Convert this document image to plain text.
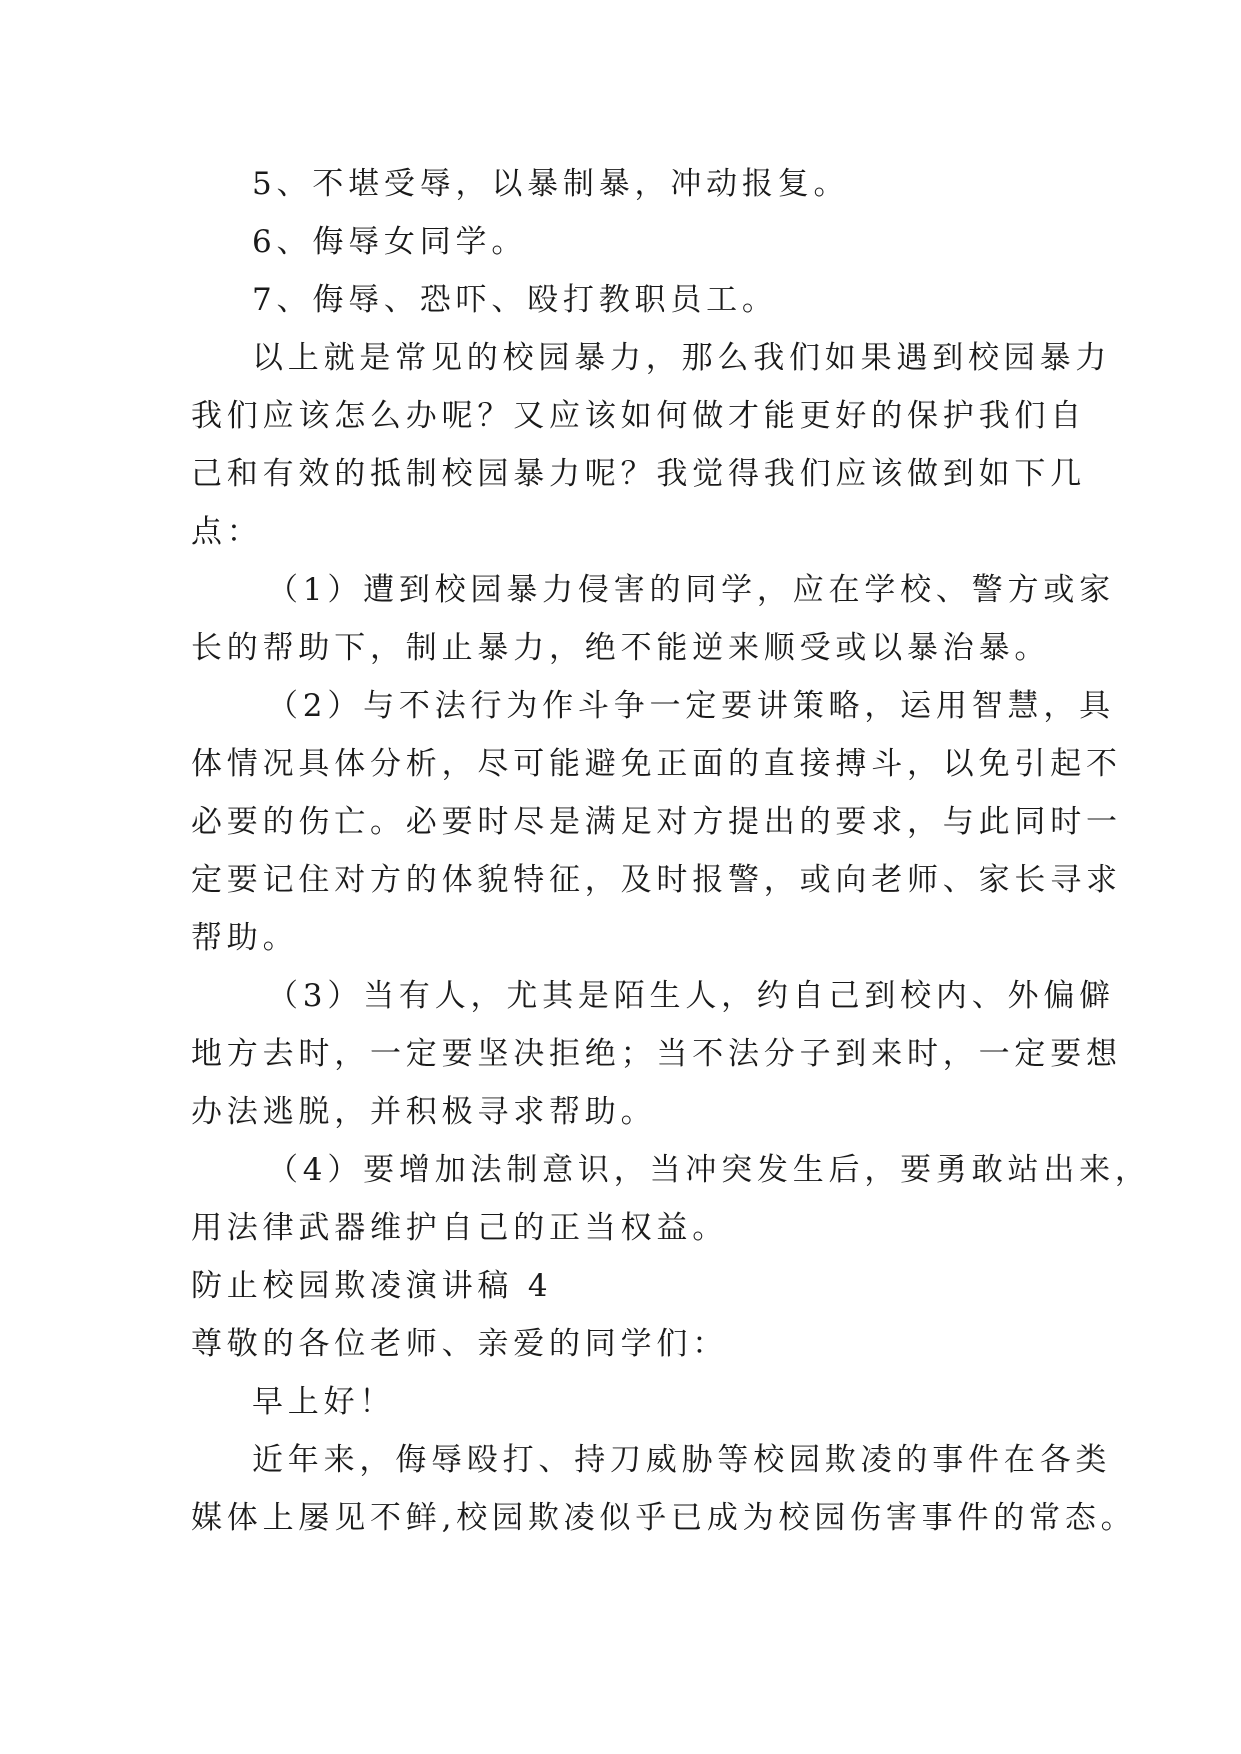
5、不堪受辱，以暴制暴，冲动报复。
6、侮辱女同学。
7、侮辱、恐吓、殴打教职员工。
以上就是常见的校园暴力，那么我们如果遇到校园暴力
我们应该怎么办呢？又应该如何做才能更好的保护我们自
己和有效的抵制校园暴力呢？我觉得我们应该做到如下几
点：
（1）遭到校园暴力侵害的同学，应在学校、警方或家
长的帮助下，制止暴力，绝不能逆来顺受或以暴治暴。
（2）与不法行为作斗争一定要讲策略，运用智慧，具
体情况具体分析，尽可能避免正面的直接搏斗，以免引起不
必要的伤亡。必要时尽是满足对方提出的要求，与此同时一
定要记住对方的体貌特征，及时报警，或向老师、家长寻求
帮助。
（3）当有人，尤其是陌生人，约自己到校内、外偏僻
地方去时，一定要坚决拒绝；当不法分子到来时，一定要想
办法逃脱，并积极寻求帮助。
（4）要增加法制意识，当冲突发生后，要勇敢站出来，
用法律武器维护自己的正当权益。
防止校园欺凌演讲稿 4
尊敬的各位老师、亲爱的同学们：
早上好！
近年来，侮辱殴打、持刀威胁等校园欺凌的事件在各类
媒体上屡见不鲜,校园欺凌似乎已成为校园伤害事件的常态。
